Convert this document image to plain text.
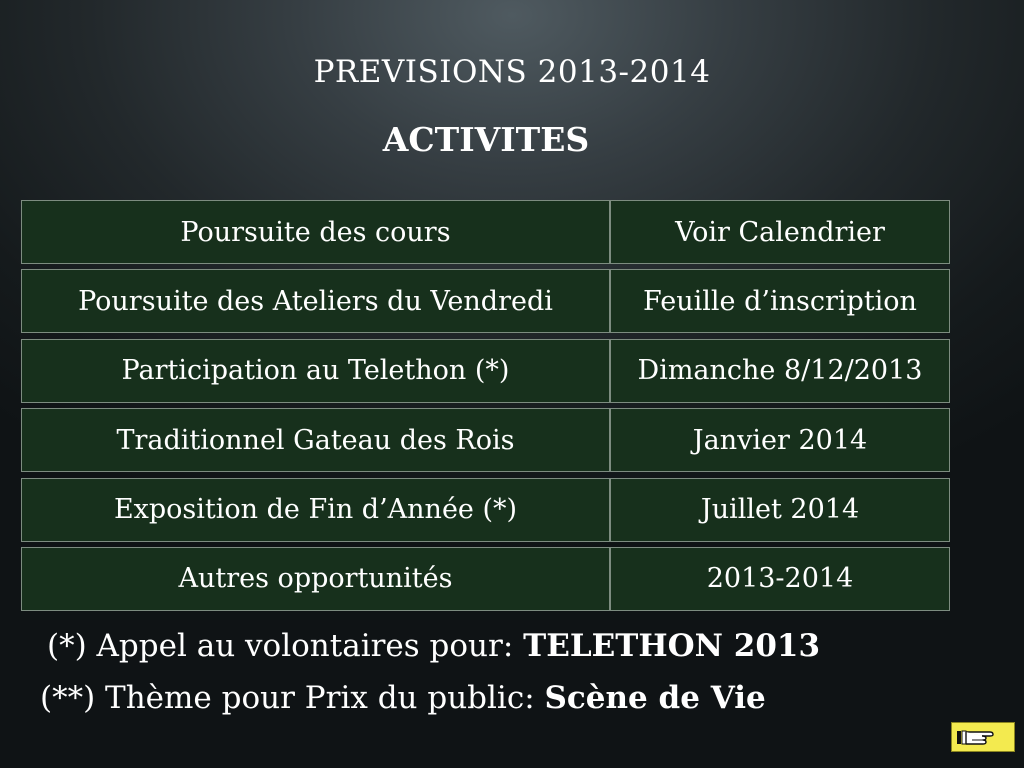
PREVISIONS 2013-2014
ACTIVITES
Poursuite des cours	Voir Calendrier
Poursuite des Ateliers du Vendredi	Feuille d’inscription
Participation au Telethon (*)	Dimanche 8/12/2013
Traditionnel Gateau des Rois	Janvier 2014
Exposition de Fin d’Année (*)	Juillet 2014
Autres opportunités	2013-2014
(*) Appel au volontaires pour: TELETHON 2013
(**) Thème pour Prix du public: Scène de Vie
